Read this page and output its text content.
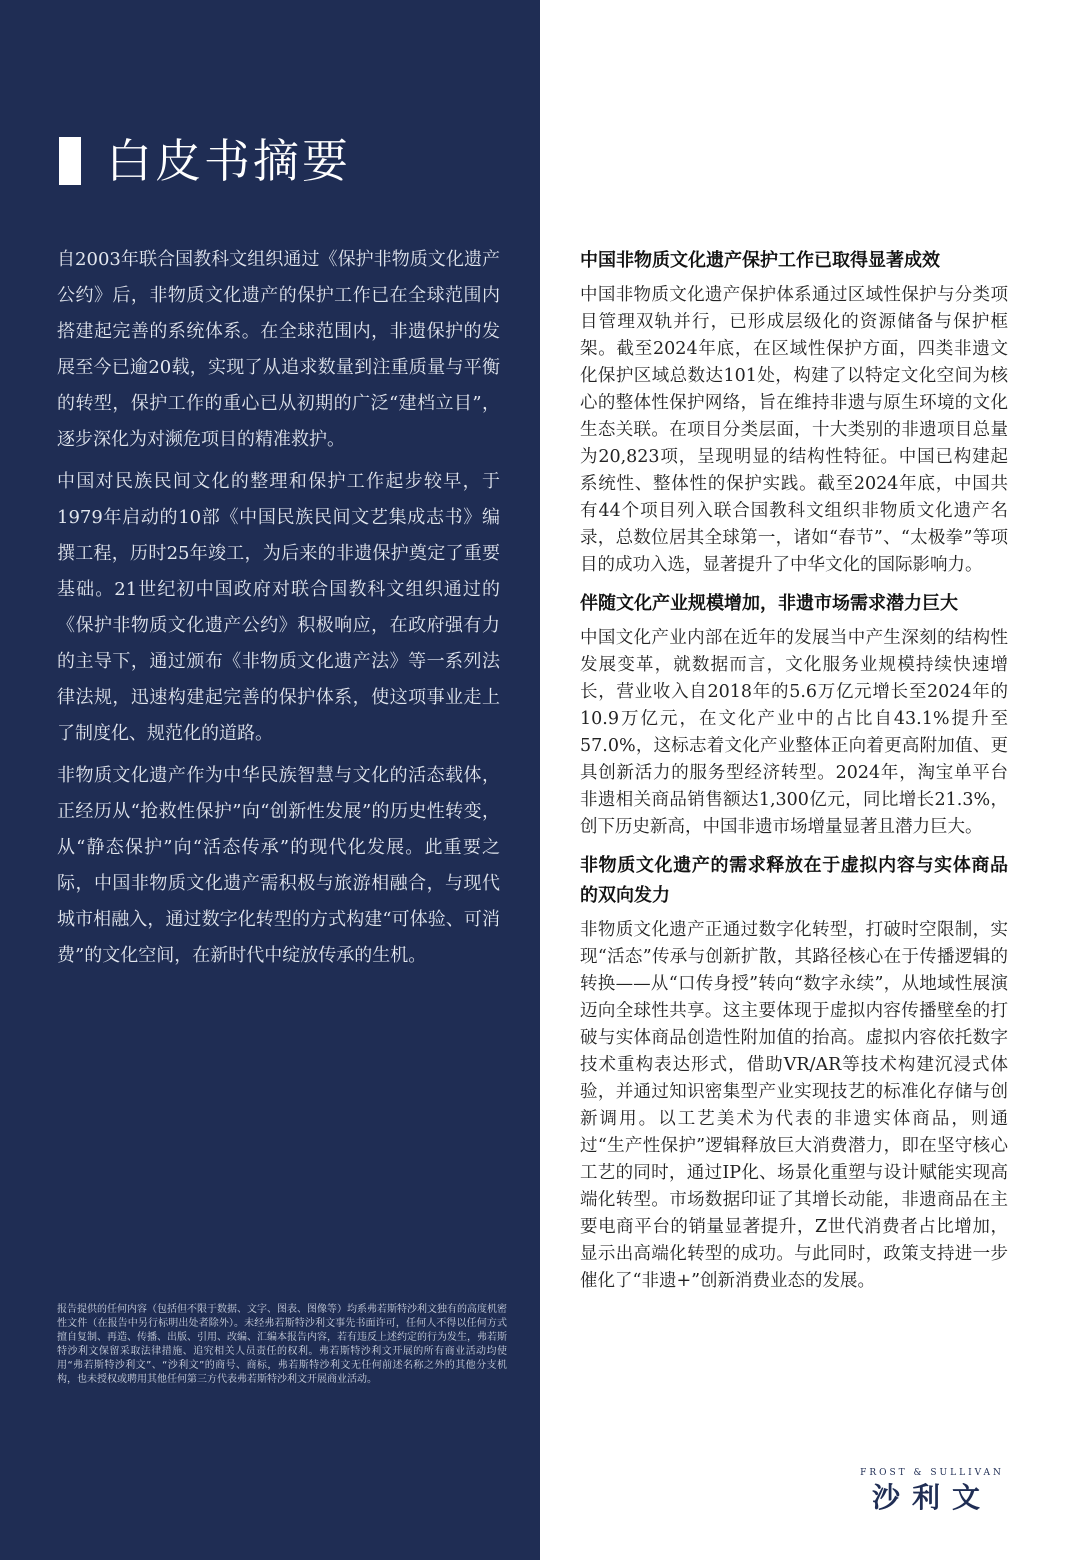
白皮书摘要

自2003年联合国教科文组织通过《保护非物质文化遗产公约》后，非物质文化遗产的保护工作已在全球范围内搭建起完善的系统体系。在全球范围内，非遗保护的发展至今已逾20载，实现了从追求数量到注重质量与平衡的转型，保护工作的重心已从初期的广泛“建档立目”，逐步深化为对濒危项目的精准救护。

中国对民族民间文化的整理和保护工作起步较早，于1979年启动的10部《中国民族民间文艺集成志书》编撰工程，历时25年竣工，为后来的非遗保护奠定了重要基础。21世纪初中国政府对联合国教科文组织通过的《保护非物质文化遗产公约》积极响应，在政府强有力的主导下，通过颁布《非物质文化遗产法》等一系列法律法规，迅速构建起完善的保护体系，使这项事业走上了制度化、规范化的道路。

非物质文化遗产作为中华民族智慧与文化的活态载体，正经历从“抢救性保护”向“创新性发展”的历史性转变，从“静态保护”向“活态传承”的现代化发展。此重要之际，中国非物质文化遗产需积极与旅游相融合，与现代城市相融入，通过数字化转型的方式构建“可体验、可消费”的文化空间，在新时代中绽放传承的生机。

报告提供的任何内容（包括但不限于数据、文字、图表、图像等）均系弗若斯特沙利文独有的高度机密性文件（在报告中另行标明出处者除外）。未经弗若斯特沙利文事先书面许可，任何人不得以任何方式擅自复制、再造、传播、出版、引用、改编、汇编本报告内容，若有违反上述约定的行为发生，弗若斯特沙利文保留采取法律措施、追究相关人员责任的权利。弗若斯特沙利文开展的所有商业活动均使用“弗若斯特沙利文”、“沙利文”的商号、商标，弗若斯特沙利文无任何前述名称之外的其他分支机构，也未授权或聘用其他任何第三方代表弗若斯特沙利文开展商业活动。
中国非物质文化遗产保护工作已取得显著成效

中国非物质文化遗产保护体系通过区域性保护与分类项目管理双轨并行，已形成层级化的资源储备与保护框架。截至2024年底，在区域性保护方面，四类非遗文化保护区域总数达101处，构建了以特定文化空间为核心的整体性保护网络，旨在维持非遗与原生环境的文化生态关联。在项目分类层面，十大类别的非遗项目总量为20,823项，呈现明显的结构性特征。中国已构建起系统性、整体性的保护实践。截至2024年底，中国共有44个项目列入联合国教科文组织非物质文化遗产名录，总数位居其全球第一，诸如“春节”、“太极拳”等项目的成功入选，显著提升了中华文化的国际影响力。

伴随文化产业规模增加，非遗市场需求潜力巨大

中国文化产业内部在近年的发展当中产生深刻的结构性发展变革，就数据而言，文化服务业规模持续快速增长，营业收入自2018年的5.6万亿元增长至2024年的10.9万亿元，在文化产业中的占比自43.1%提升至57.0%，这标志着文化产业整体正向着更高附加值、更具创新活力的服务型经济转型。2024年，淘宝单平台非遗相关商品销售额达1,300亿元，同比增长21.3%，创下历史新高，中国非遗市场增量显著且潜力巨大。

非物质文化遗产的需求释放在于虚拟内容与实体商品的双向发力

非物质文化遗产正通过数字化转型，打破时空限制，实现“活态”传承与创新扩散，其路径核心在于传播逻辑的转换——从“口传身授”转向“数字永续”，从地域性展演迈向全球性共享。这主要体现于虚拟内容传播壁垒的打破与实体商品创造性附加值的抬高。虚拟内容依托数字技术重构表达形式，借助VR/AR等技术构建沉浸式体验，并通过知识密集型产业实现技艺的标准化存储与创新调用。以工艺美术为代表的非遗实体商品，则通过“生产性保护”逻辑释放巨大消费潜力，即在坚守核心工艺的同时，通过IP化、场景化重塑与设计赋能实现高端化转型。市场数据印证了其增长动能，非遗商品在主要电商平台的销量显著提升，Z世代消费者占比增加，显示出高端化转型的成功。与此同时，政策支持进一步催化了“非遗+”创新消费业态的发展。

FROST & SULLIVAN
沙利文
